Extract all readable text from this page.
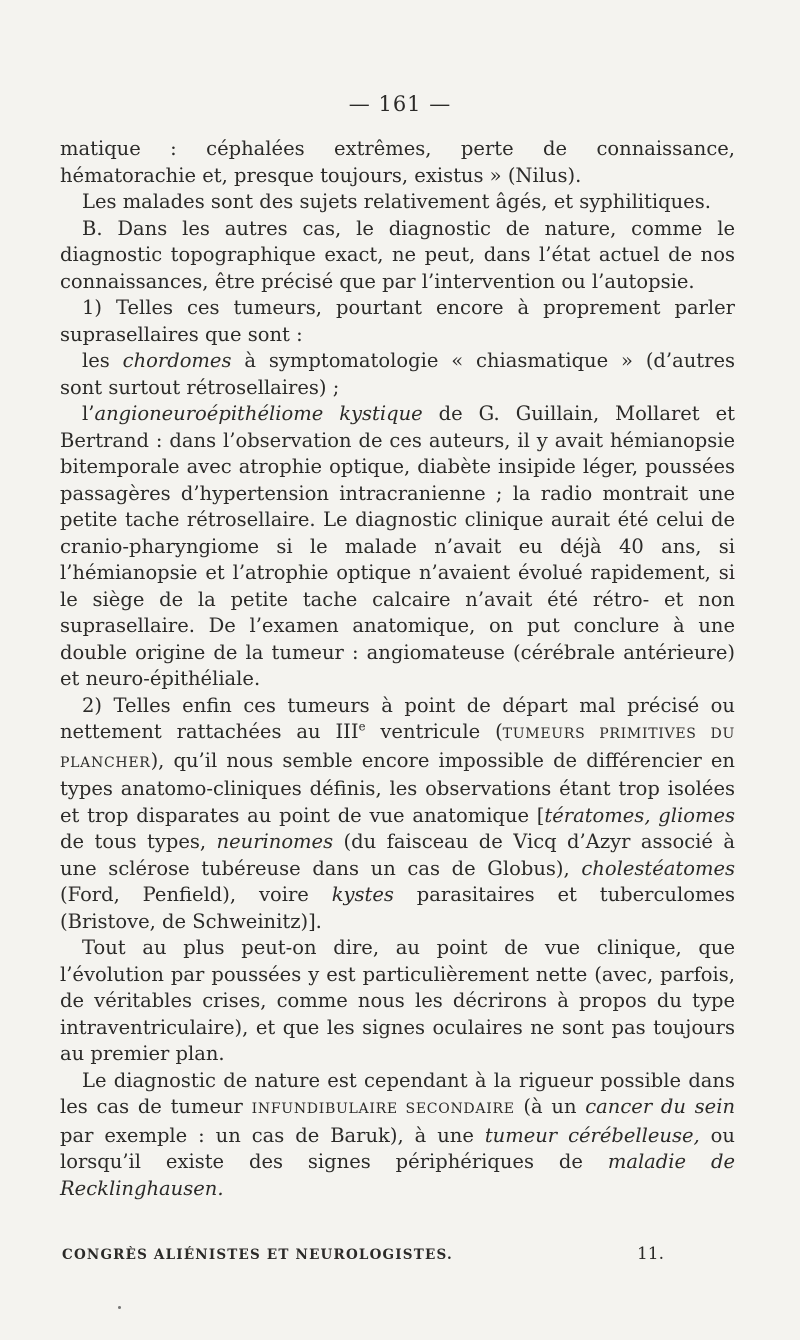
— 161 —

matique : céphalées extrêmes, perte de connaissance, hématorachie et, presque toujours, existus » (Nilus).

Les malades sont des sujets relativement âgés, et syphilitiques.

B. Dans les autres cas, le diagnostic de nature, comme le diagnostic topographique exact, ne peut, dans l’état actuel de nos connaissances, être précisé que par l’intervention ou l’autopsie.

1) Telles ces tumeurs, pourtant encore à proprement parler suprasellaires que sont :

les chordomes à symptomatologie « chiasmatique » (d’autres sont surtout rétrosellaires) ;

l’angioneuroépithéliome kystique de G. Guillain, Mollaret et Bertrand : dans l’observation de ces auteurs, il y avait hémianopsie bitemporale avec atrophie optique, diabète insipide léger, poussées passagères d’hypertension intracranienne ; la radio montrait une petite tache rétrosellaire. Le diagnostic clinique aurait été celui de cranio-pharyngiome si le malade n’avait eu déjà 40 ans, si l’hémianopsie et l’atrophie optique n’avaient évolué rapidement, si le siège de la petite tache calcaire n’avait été rétro- et non suprasellaire. De l’examen anatomique, on put conclure à une double origine de la tumeur : angiomateuse (cérébrale antérieure) et neuro-épithéliale.

2) Telles enfin ces tumeurs à point de départ mal précisé ou nettement rattachées au IIIe ventricule (TUMEURS PRIMITIVES DU PLANCHER), qu’il nous semble encore impossible de différencier en types anatomo-cliniques définis, les observations étant trop isolées et trop disparates au point de vue anatomique [tératomes, gliomes de tous types, neurinomes (du faisceau de Vicq d’Azyr associé à une sclérose tubéreuse dans un cas de Globus), cholestéatomes (Ford, Penfield), voire kystes parasitaires et tuberculomes (Bristove, de Schweinitz)].

Tout au plus peut-on dire, au point de vue clinique, que l’évolution par poussées y est particulièrement nette (avec, parfois, de véritables crises, comme nous les décrirons à propos du type intraventriculaire), et que les signes oculaires ne sont pas toujours au premier plan.

Le diagnostic de nature est cependant à la rigueur possible dans les cas de tumeur INFUNDIBULAIRE SECONDAIRE (à un cancer du sein par exemple : un cas de Baruk), à une tumeur cérébelleuse, ou lorsqu’il existe des signes périphériques de maladie de Recklinghausen.

CONGRÈS ALIÉNISTES ET NEUROLOGISTES.	11.
